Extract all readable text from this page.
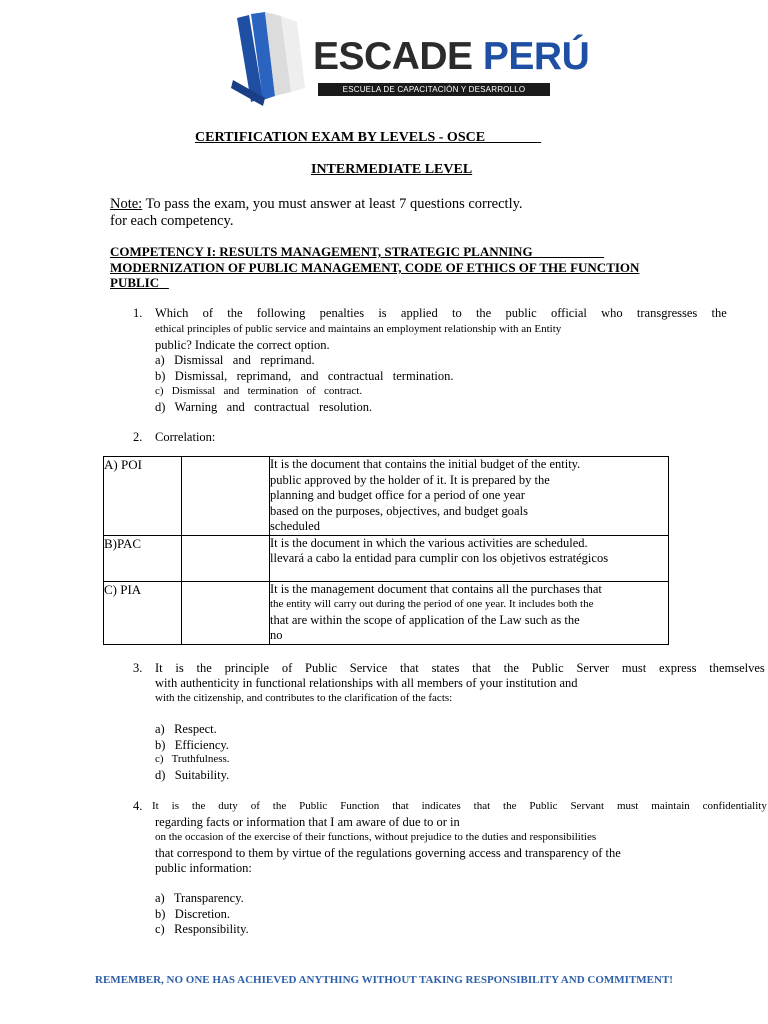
ESCADE PERÚ
ESCUELA DE CAPACITACIÓN Y DESARROLLO
CERTIFICATION EXAM BY LEVELS - OSCE
INTERMEDIATE LEVEL
Note: To pass the exam, you must answer at least 7 questions correctly.
for each competency.
COMPETENCY I: RESULTS MANAGEMENT, STRATEGIC PLANNING
MODERNIZATION OF PUBLIC MANAGEMENT, CODE OF ETHICS OF THE FUNCTION
PUBLIC
1. Which of the following penalties is applied to the public official who transgresses the
ethical principles of public service and maintains an employment relationship with an Entity
public? Indicate the correct option.
a)   Dismissal   and   reprimand.
b)   Dismissal,   reprimand,   and   contractual   termination.
c)   Dismissal   and   termination   of   contract.
d)   Warning   and   contractual   resolution.
2. Correlation:
A) POI		It is the document that contains the initial budget of the entity.
public approved by the holder of it. It is prepared by the
planning and budget office for a period of one year
based on the purposes, objectives, and budget goals
scheduled

B)PAC		It is the document in which the various activities are scheduled.
llevará a cabo la entidad para cumplir con los objetivos estratégicos

C) PIA		It is the management document that contains all the purchases that
the entity will carry out during the period of one year. It includes both the
that are within the scope of application of the Law such as the
no
3. It is the principle of Public Service that states that the Public Server must express themselves
with authenticity in functional relationships with all members of your institution and
with the citizenship, and contributes to the clarification of the facts:
a)   Respect.
b)   Efficiency.
c)   Truthfulness.
d)   Suitability.
4. It is the duty of the Public Function that indicates that the Public Servant must maintain confidentiality
regarding facts or information that I am aware of due to or in
on the occasion of the exercise of their functions, without prejudice to the duties and responsibilities
that correspond to them by virtue of the regulations governing access and transparency of the
public information:
a)   Transparency.
b)   Discretion.
c)   Responsibility.
REMEMBER, NO ONE HAS ACHIEVED ANYTHING WITHOUT TAKING RESPONSIBILITY AND COMMITMENT!
